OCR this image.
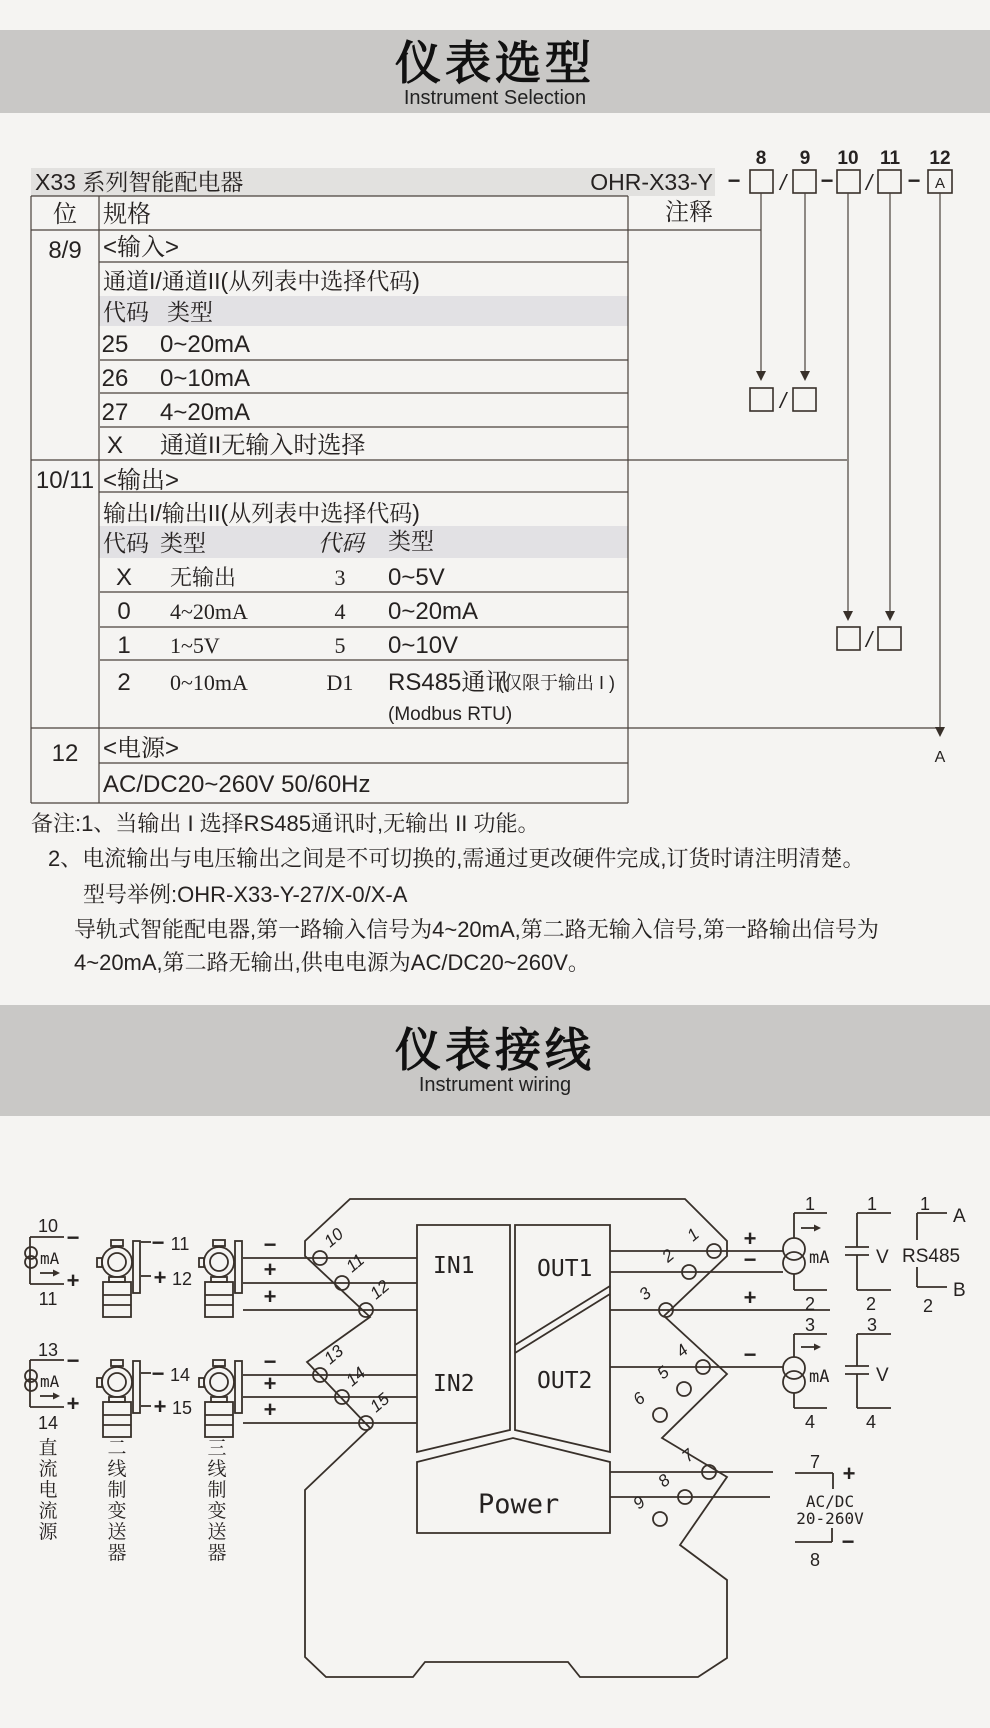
仪表选型
Instrument Selection
X33 系列智能配电器	OHR-X33-Y
位 规格	注释
8 9 10 11 12
A
−	−	−
/	/
/
/
A
8/9 <输入>
通道I/通道II(从列表中选择代码)
代码 类型
25 0~20mA
26 0~10mA
27 4~20mA
X 通道II无输入时选择
10/11 <输出>
输出I/输出II(从列表中选择代码)
代码 类型	代码 类型
X 无输出	3 0~5V
0 4~20mA	4 0~20mA
1 1~5V	5 0~10V
2 0~10mA	D1 RS485通讯
(仅限于输出 I )
(Modbus RTU)
12 <电源>
AC/DC20~260V 50/60Hz
备注:1、当输出 I 选择RS485通讯时,无输出 II 功能。
2、电流输出与电压输出之间是不可切换的,需通过更改硬件完成,订货时请注明清楚。
型号举例:OHR-X33-Y-27/X-0/X-A
导轨式智能配电器,第一路输入信号为4~20mA,第二路无输入信号,第一路输出信号为
4~20mA,第二路无输出,供电电源为AC/DC20~260V。
仪表接线
Instrument wiring
IN1
IN2
OUT1
OUT2
Power
10
11
12
13
14
15
1
2
3
4
5
6
7
8
9
−
+
+
−
+
+
+
−
+
−
10 −
mA
+
11
13 −
mA
+
14
− 11
+ 12
− 14
+ 15
1
mA
2
1
V
2
1
A
RS485
B
2
3
mA
4
3
V
4
7 +
AC/DC
20-260V
−
8
直流电流源
二线制变送器
三线制变送器
